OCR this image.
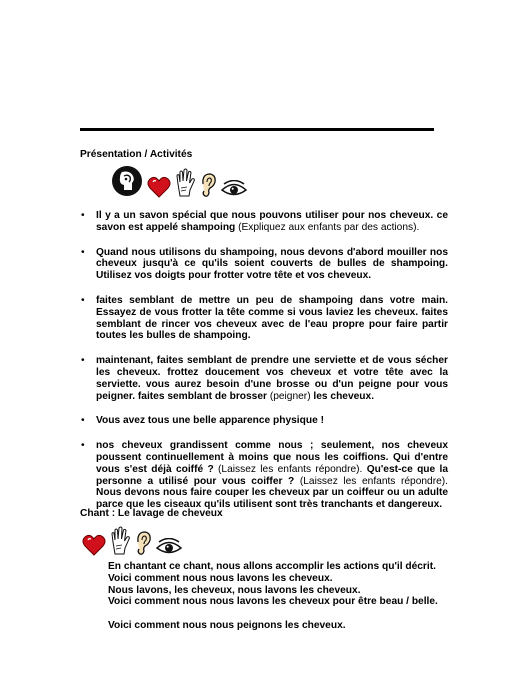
Présentation / Activités
• Il y a un savon spécial que nous pouvons utiliser pour nos cheveux. ce savon est appelé shampoing (Expliquez aux enfants par des actions).
• Quand nous utilisons du shampoing, nous devons d'abord mouiller nos cheveux jusqu'à ce qu'ils soient couverts de bulles de shampoing. Utilisez vos doigts pour frotter votre tête et vos cheveux.
• faites semblant de mettre un peu de shampoing dans votre main. Essayez de vous frotter la tête comme si vous laviez les cheveux. faites semblant de rincer vos cheveux avec de l'eau propre pour faire partir toutes les bulles de shampoing.
• maintenant, faites semblant de prendre une serviette et de vous sécher les cheveux. frottez doucement vos cheveux et votre tête avec la serviette. vous aurez besoin d'une brosse ou d'un peigne pour vous peigner. faites semblant de brosser (peigner) les cheveux.
• Vous avez tous une belle apparence physique !
• nos cheveux grandissent comme nous ; seulement, nos cheveux poussent continuellement à moins que nous les coiffions. Qui d'entre vous s'est déjà coiffé ? (Laissez les enfants répondre). Qu'est-ce que la personne a utilisé pour vous coiffer ? (Laissez les enfants répondre). Nous devons nous faire couper les cheveux par un coiffeur ou un adulte parce que les ciseaux qu'ils utilisent sont très tranchants et dangereux.
Chant : Le lavage de cheveux
En chantant ce chant, nous allons accomplir les actions qu'il décrit.
Voici comment nous nous lavons les cheveux.
Nous lavons, les cheveux, nous lavons les cheveux.
Voici comment nous nous lavons les cheveux pour être beau / belle.
Voici comment nous nous peignons les cheveux.
